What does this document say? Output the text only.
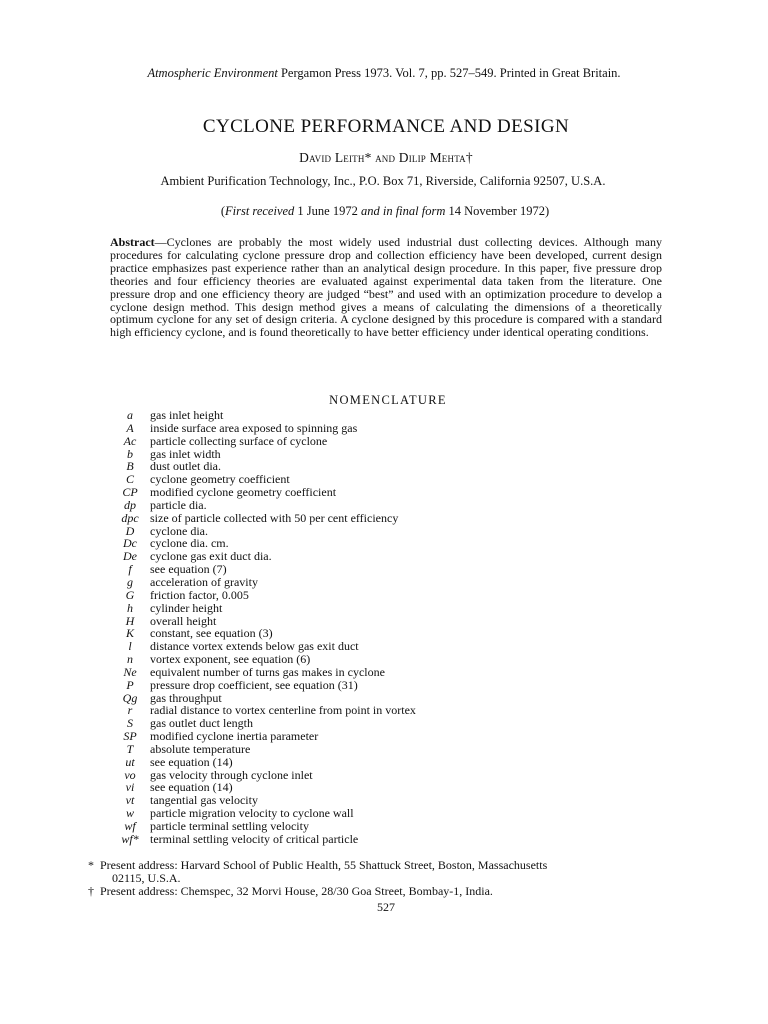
Atmospheric Environment Pergamon Press 1973. Vol. 7, pp. 527–549. Printed in Great Britain.
CYCLONE PERFORMANCE AND DESIGN
David Leith* and Dilip Mehta†
Ambient Purification Technology, Inc., P.O. Box 71, Riverside, California 92507, U.S.A.
(First received 1 June 1972 and in final form 14 November 1972)
Abstract—Cyclones are probably the most widely used industrial dust collecting devices. Although many procedures for calculating cyclone pressure drop and collection efficiency have been developed, current design practice emphasizes past experience rather than an analytical design procedure. In this paper, five pressure drop theories and four efficiency theories are evaluated against experimental data taken from the literature. One pressure drop and one efficiency theory are judged “best” and used with an optimization procedure to develop a cyclone design method. This design method gives a means of calculating the dimensions of a theoretically optimum cyclone for any set of design criteria. A cyclone designed by this procedure is compared with a standard high efficiency cyclone, and is found theoretically to have better efficiency under identical operating conditions.
NOMENCLATURE
a	gas inlet height
A	inside surface area exposed to spinning gas
Ac	particle collecting surface of cyclone
b	gas inlet width
B	dust outlet dia.
C	cyclone geometry coefficient
CP	modified cyclone geometry coefficient
dp	particle dia.
dpc size of particle collected with 50 per cent efficiency
D	cyclone dia.
Dc	cyclone dia. cm.
De	cyclone gas exit duct dia.
f	see equation (7)
g	acceleration of gravity
G	friction factor, 0.005
h	cylinder height
H	overall height
K	constant, see equation (3)
l	distance vortex extends below gas exit duct
n	vortex exponent, see equation (6)
Ne	equivalent number of turns gas makes in cyclone
P	pressure drop coefficient, see equation (31)
Qg	gas throughput
r	radial distance to vortex centerline from point in vortex
S	gas outlet duct length
SP	modified cyclone inertia parameter
T	absolute temperature
ut	see equation (14)
vo	gas velocity through cyclone inlet
vi	see equation (14)
vt	tangential gas velocity
w	particle migration velocity to cyclone wall
wf	particle terminal settling velocity
wf* terminal settling velocity of critical particle
* Present address: Harvard School of Public Health, 55 Shattuck Street, Boston, Massachusetts
02115, U.S.A.
† Present address: Chemspec, 32 Morvi House, 28/30 Goa Street, Bombay-1, India.
527
